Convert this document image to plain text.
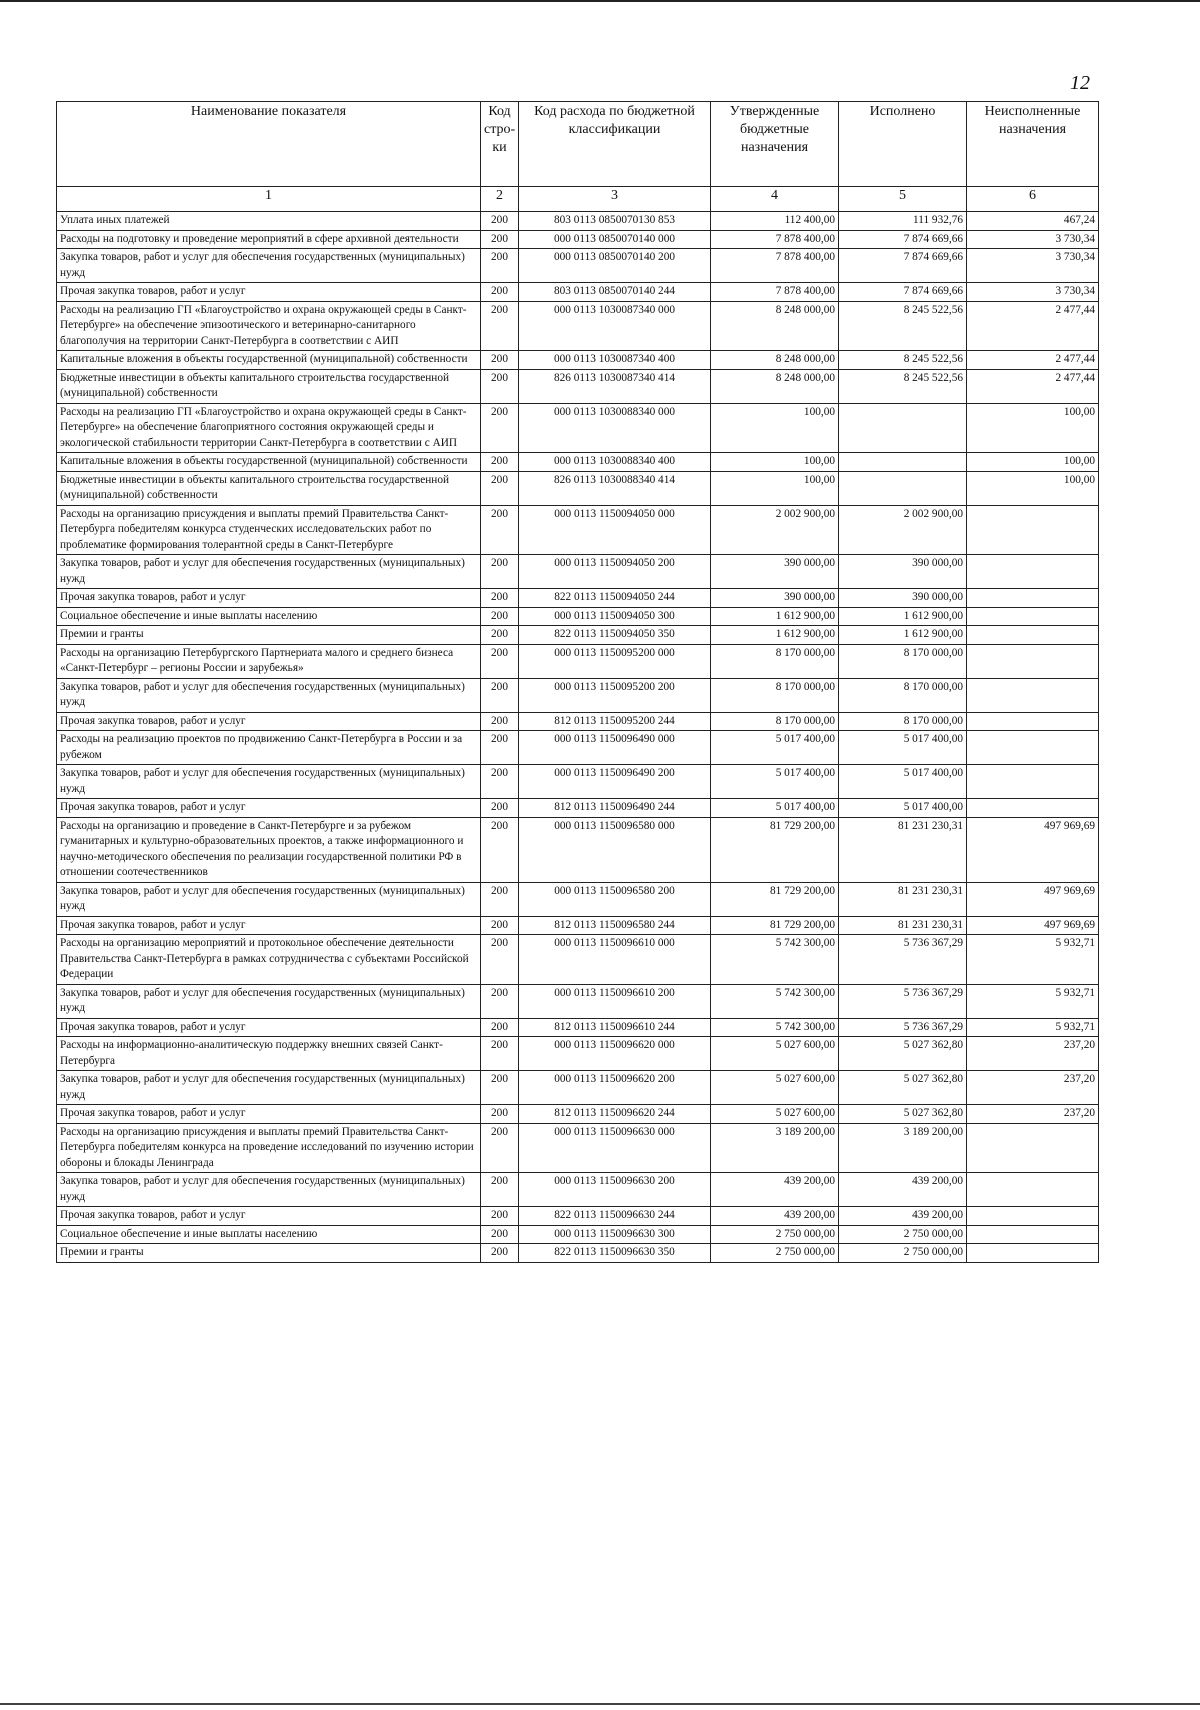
12
Наименование показателя	Код стро- ки	Код расхода по бюджетной классификации	Утвержденные бюджетные назначения	Исполнено	Неисполненные назначения
1	2	3	4	5	6
Уплата иных платежей	200	803 0113 0850070130 853	112 400,00	111 932,76	467,24
Расходы на подготовку и проведение мероприятий в сфере архивной деятельности	200	000 0113 0850070140 000	7 878 400,00	7 874 669,66	3 730,34
Закупка товаров, работ и услуг для обеспечения государственных (муниципальных) нужд	200	000 0113 0850070140 200	7 878 400,00	7 874 669,66	3 730,34
Прочая закупка товаров, работ и услуг	200	803 0113 0850070140 244	7 878 400,00	7 874 669,66	3 730,34
Расходы на реализацию ГП «Благоустройство и охрана окружающей среды в Санкт-Петербурге» на обеспечение эпизоотического и ветеринарно-санитарного благополучия на территории Санкт-Петербурга в соответствии с АИП	200	000 0113 1030087340 000	8 248 000,00	8 245 522,56	2 477,44
Капитальные вложения в объекты государственной (муниципальной) собственности	200	000 0113 1030087340 400	8 248 000,00	8 245 522,56	2 477,44
Бюджетные инвестиции в объекты капитального строительства государственной (муниципальной) собственности	200	826 0113 1030087340 414	8 248 000,00	8 245 522,56	2 477,44
Расходы на реализацию ГП «Благоустройство и охрана окружающей среды в Санкт-Петербурге» на обеспечение благоприятного состояния окружающей среды и экологической стабильности территории Санкт-Петербурга в соответствии с АИП	200	000 0113 1030088340 000	100,00		100,00
Капитальные вложения в объекты государственной (муниципальной) собственности	200	000 0113 1030088340 400	100,00		100,00
Бюджетные инвестиции в объекты капитального строительства государственной (муниципальной) собственности	200	826 0113 1030088340 414	100,00		100,00
Расходы на организацию присуждения и выплаты премий Правительства Санкт-Петербурга победителям конкурса студенческих исследовательских работ по проблематике формирования толерантной среды в Санкт-Петербурге	200	000 0113 1150094050 000	2 002 900,00	2 002 900,00	
Закупка товаров, работ и услуг для обеспечения государственных (муниципальных) нужд	200	000 0113 1150094050 200	390 000,00	390 000,00	
Прочая закупка товаров, работ и услуг	200	822 0113 1150094050 244	390 000,00	390 000,00	
Социальное обеспечение и иные выплаты населению	200	000 0113 1150094050 300	1 612 900,00	1 612 900,00	
Премии и гранты	200	822 0113 1150094050 350	1 612 900,00	1 612 900,00	
Расходы на организацию Петербургского Партнериата малого и среднего бизнеса «Санкт-Петербург – регионы России и зарубежья»	200	000 0113 1150095200 000	8 170 000,00	8 170 000,00	
Закупка товаров, работ и услуг для обеспечения государственных (муниципальных) нужд	200	000 0113 1150095200 200	8 170 000,00	8 170 000,00	
Прочая закупка товаров, работ и услуг	200	812 0113 1150095200 244	8 170 000,00	8 170 000,00	
Расходы на реализацию проектов по продвижению Санкт-Петербурга в России и за рубежом	200	000 0113 1150096490 000	5 017 400,00	5 017 400,00	
Закупка товаров, работ и услуг для обеспечения государственных (муниципальных) нужд	200	000 0113 1150096490 200	5 017 400,00	5 017 400,00	
Прочая закупка товаров, работ и услуг	200	812 0113 1150096490 244	5 017 400,00	5 017 400,00	
Расходы на организацию и проведение в Санкт-Петербурге и за рубежом гуманитарных и культурно-образовательных проектов, а также информационного и научно-методического обеспечения по реализации государственной политики РФ в отношении соотечественников	200	000 0113 1150096580 000	81 729 200,00	81 231 230,31	497 969,69
Закупка товаров, работ и услуг для обеспечения государственных (муниципальных) нужд	200	000 0113 1150096580 200	81 729 200,00	81 231 230,31	497 969,69
Прочая закупка товаров, работ и услуг	200	812 0113 1150096580 244	81 729 200,00	81 231 230,31	497 969,69
Расходы на организацию мероприятий и протокольное обеспечение деятельности Правительства Санкт-Петербурга в рамках сотрудничества с субъектами Российской Федерации	200	000 0113 1150096610 000	5 742 300,00	5 736 367,29	5 932,71
Закупка товаров, работ и услуг для обеспечения государственных (муниципальных) нужд	200	000 0113 1150096610 200	5 742 300,00	5 736 367,29	5 932,71
Прочая закупка товаров, работ и услуг	200	812 0113 1150096610 244	5 742 300,00	5 736 367,29	5 932,71
Расходы на информационно-аналитическую поддержку внешних связей Санкт-Петербурга	200	000 0113 1150096620 000	5 027 600,00	5 027 362,80	237,20
Закупка товаров, работ и услуг для обеспечения государственных (муниципальных) нужд	200	000 0113 1150096620 200	5 027 600,00	5 027 362,80	237,20
Прочая закупка товаров, работ и услуг	200	812 0113 1150096620 244	5 027 600,00	5 027 362,80	237,20
Расходы на организацию присуждения и выплаты премий Правительства Санкт-Петербурга победителям конкурса на проведение исследований по изучению истории обороны и блокады Ленинграда	200	000 0113 1150096630 000	3 189 200,00	3 189 200,00	
Закупка товаров, работ и услуг для обеспечения государственных (муниципальных) нужд	200	000 0113 1150096630 200	439 200,00	439 200,00	
Прочая закупка товаров, работ и услуг	200	822 0113 1150096630 244	439 200,00	439 200,00	
Социальное обеспечение и иные выплаты населению	200	000 0113 1150096630 300	2 750 000,00	2 750 000,00	
Премии и гранты	200	822 0113 1150096630 350	2 750 000,00	2 750 000,00	
